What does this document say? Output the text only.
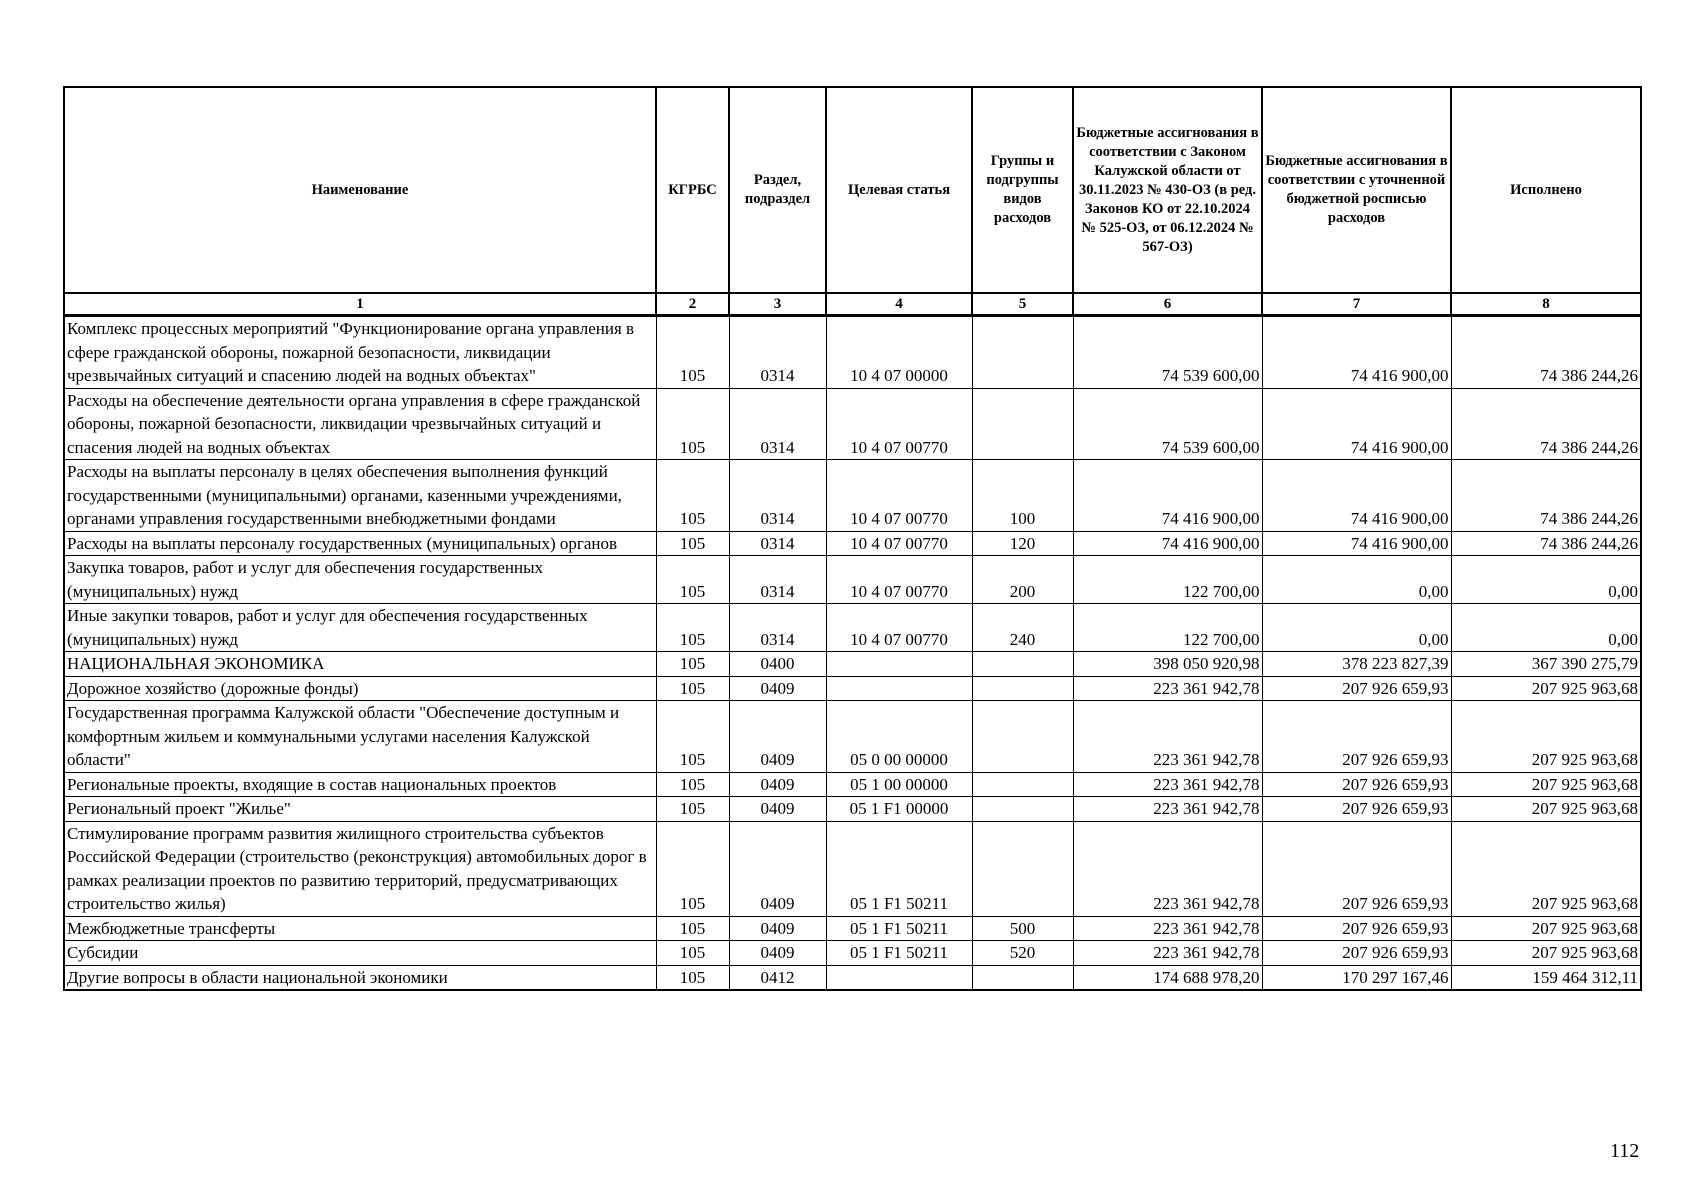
Наименование	КГРБС	Раздел, подраздел	Целевая статья	Группы и подгруппы видов расходов	Бюджетные ассигнования в соответствии с Законом Калужской области от 30.11.2023 № 430-ОЗ (в ред. Законов КО от 22.10.2024 № 525-ОЗ, от 06.12.2024 № 567-ОЗ)	Бюджетные ассигнования в соответствии с уточненной бюджетной росписью расходов	Исполнено
1	2	3	4	5	6	7	8
Комплекс процессных мероприятий "Функционирование органа управления в сфере гражданской обороны, пожарной безопасности, ликвидации чрезвычайных ситуаций и спасению людей на водных объектах"	105	0314	10 4 07 00000		74 539 600,00	74 416 900,00	74 386 244,26
Расходы на обеспечение деятельности органа управления в сфере гражданской обороны, пожарной безопасности, ликвидации чрезвычайных ситуаций и спасения людей на водных объектах	105	0314	10 4 07 00770		74 539 600,00	74 416 900,00	74 386 244,26
Расходы на выплаты персоналу в целях обеспечения выполнения функций государственными (муниципальными) органами, казенными учреждениями, органами управления государственными внебюджетными фондами	105	0314	10 4 07 00770	100	74 416 900,00	74 416 900,00	74 386 244,26
Расходы на выплаты персоналу государственных (муниципальных) органов	105	0314	10 4 07 00770	120	74 416 900,00	74 416 900,00	74 386 244,26
Закупка товаров, работ и услуг для обеспечения государственных (муниципальных) нужд	105	0314	10 4 07 00770	200	122 700,00	0,00	0,00
Иные закупки товаров, работ и услуг для обеспечения государственных (муниципальных) нужд	105	0314	10 4 07 00770	240	122 700,00	0,00	0,00
НАЦИОНАЛЬНАЯ ЭКОНОМИКА	105	0400			398 050 920,98	378 223 827,39	367 390 275,79
Дорожное хозяйство (дорожные фонды)	105	0409			223 361 942,78	207 926 659,93	207 925 963,68
Государственная программа Калужской области "Обеспечение доступным и комфортным жильем и коммунальными услугами населения Калужской области"	105	0409	05 0 00 00000		223 361 942,78	207 926 659,93	207 925 963,68
Региональные проекты, входящие в состав национальных проектов	105	0409	05 1 00 00000		223 361 942,78	207 926 659,93	207 925 963,68
Региональный проект "Жилье"	105	0409	05 1 F1 00000		223 361 942,78	207 926 659,93	207 925 963,68
Стимулирование программ развития жилищного строительства субъектов Российской Федерации (строительство (реконструкция) автомобильных дорог в рамках реализации проектов по развитию территорий, предусматривающих строительство жилья)	105	0409	05 1 F1 50211		223 361 942,78	207 926 659,93	207 925 963,68
Межбюджетные трансферты	105	0409	05 1 F1 50211	500	223 361 942,78	207 926 659,93	207 925 963,68
Субсидии	105	0409	05 1 F1 50211	520	223 361 942,78	207 926 659,93	207 925 963,68
Другие вопросы в области национальной экономики	105	0412			174 688 978,20	170 297 167,46	159 464 312,11
112
